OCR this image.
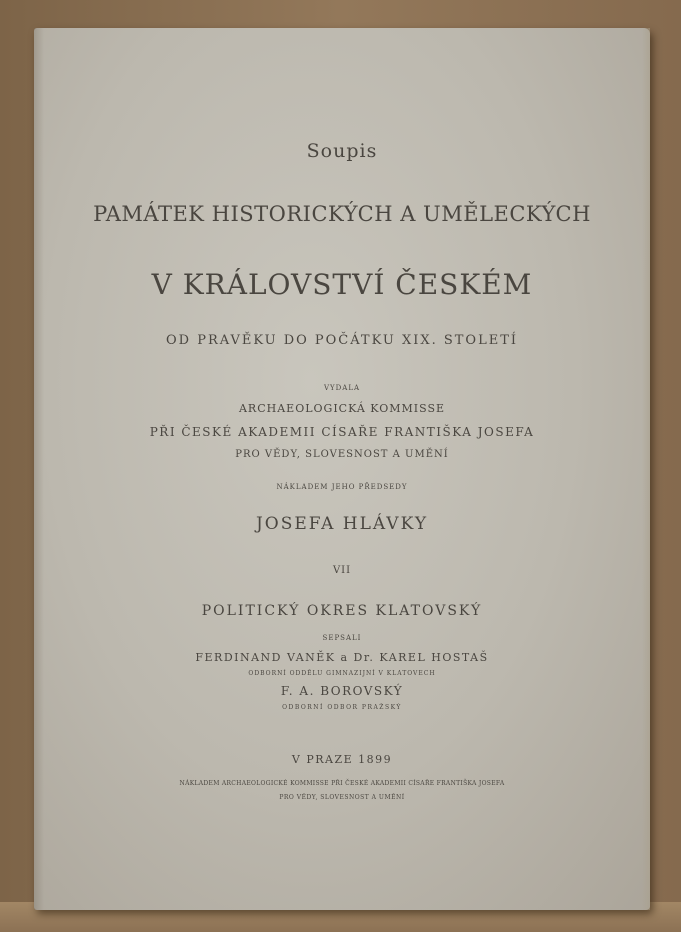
Soupis
PAMÁTEK HISTORICKÝCH A UMĚLECKÝCH
V KRÁLOVSTVÍ ČESKÉM
OD PRAVĚKU DO POČÁTKU XIX. STOLETÍ
VYDALA
ARCHAEOLOGICKÁ KOMMISSE
PŘI ČESKÉ AKADEMII CÍSAŘE FRANTIŠKA JOSEFA
PRO VĚDY, SLOVESNOST A UMĚNÍ
NÁKLADEM JEHO PŘEDSEDY
JOSEFA HLÁVKY
VII
POLITICKÝ OKRES KLATOVSKÝ
SEPSALI
FERDINAND VANĚK a Dr. KAREL HOSTAŠ
ODBORNÍ ODDĚLU GIMNAZIJNÍ V KLATOVECH
F. A. BOROVSKÝ
ODBORNÍ ODBOR PRAŽSKÝ
V PRAZE 1899
NÁKLADEM ARCHAEOLOGICKÉ KOMMISSE PŘI ČESKÉ AKADEMII CÍSAŘE FRANTIŠKA JOSEFA
PRO VĚDY, SLOVESNOST A UMĚNÍ
